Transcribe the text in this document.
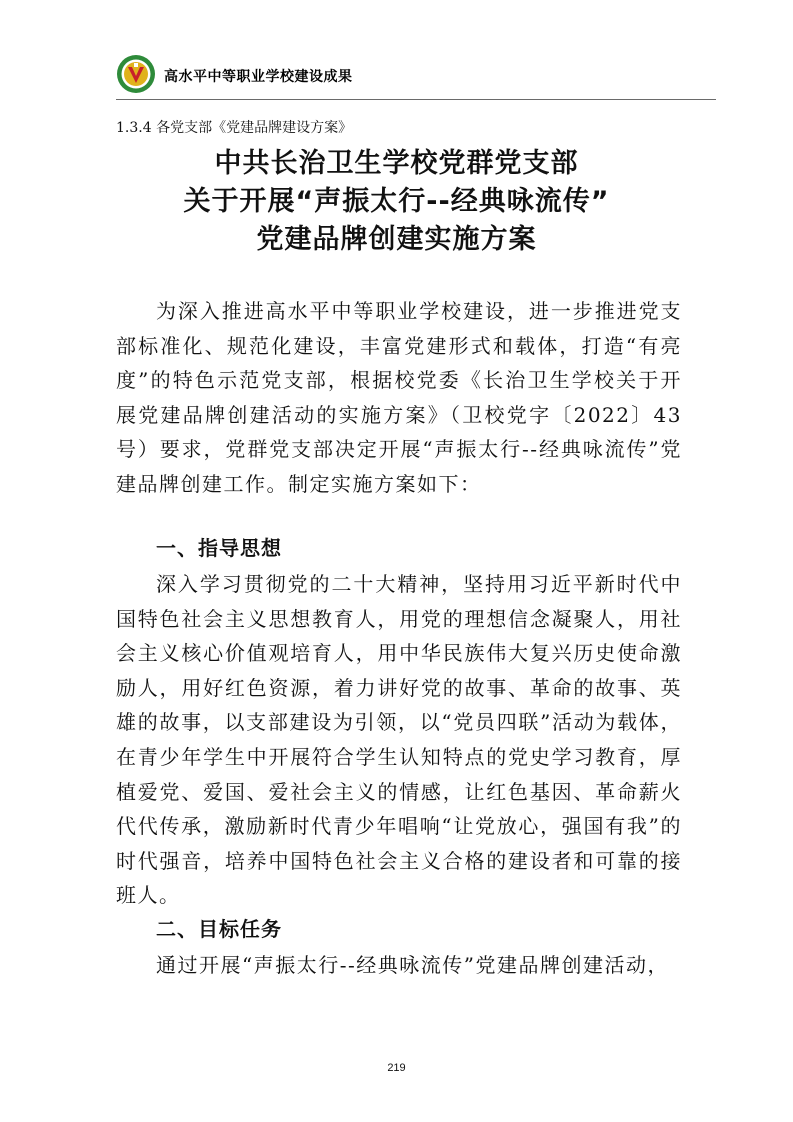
高水平中等职业学校建设成果
1.3.4 各党支部《党建品牌建设方案》
中共长治卫生学校党群党支部
关于开展“声振太行--经典咏流传”
党建品牌创建实施方案

为深入推进高水平中等职业学校建设，进一步推进党支部标准化、规范化建设，丰富党建形式和载体，打造“有亮度”的特色示范党支部，根据校党委《长治卫生学校关于开展党建品牌创建活动的实施方案》（卫校党字〔2022〕43号）要求，党群党支部决定开展“声振太行--经典咏流传”党建品牌创建工作。制定实施方案如下：

一、指导思想

深入学习贯彻党的二十大精神，坚持用习近平新时代中国特色社会主义思想教育人，用党的理想信念凝聚人，用社会主义核心价值观培育人，用中华民族伟大复兴历史使命激励人，用好红色资源，着力讲好党的故事、革命的故事、英雄的故事，以支部建设为引领，以“党员四联”活动为载体，在青少年学生中开展符合学生认知特点的党史学习教育，厚植爱党、爱国、爱社会主义的情感，让红色基因、革命薪火代代传承，激励新时代青少年唱响“让党放心，强国有我”的时代强音，培养中国特色社会主义合格的建设者和可靠的接班人。

二、目标任务

通过开展“声振太行--经典咏流传”党建品牌创建活动，

219
